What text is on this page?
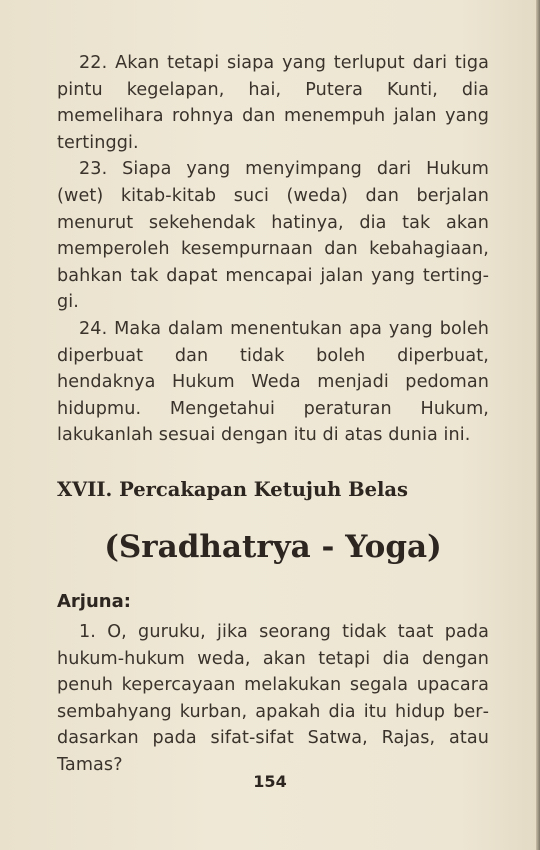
22. Akan tetapi siapa yang terluput dari tiga pintu kegelapan, hai, Putera Kunti, dia memelihara rohnya dan menempuh jalan yang tertinggi.

23. Siapa yang menyimpang dari Hukum (wet) kitab-kitab suci (weda) dan berjalan menurut sekehendak hatinya, dia tak akan memperoleh kesempurnaan dan kebahagiaan, bahkan tak dapat mencapai jalan yang tertinggi.

24. Maka dalam menentukan apa yang boleh diperbuat dan tidak boleh diperbuat, hendaknya Hukum Weda menjadi pedoman hidupmu. Mengetahui peraturan Hukum, lakukanlah sesuai dengan itu di atas dunia ini.

XVII. Percakapan Ketujuh Belas
(Sradhatrya - Yoga)
Arjuna:

1. O, guruku, jika seorang tidak taat pada hukum-hukum weda, akan tetapi dia dengan penuh kepercayaan melakukan segala upacara sembahyang kurban, apakah dia itu hidup berdasarkan pada sifat-sifat Satwa, Rajas, atau Tamas?

154
